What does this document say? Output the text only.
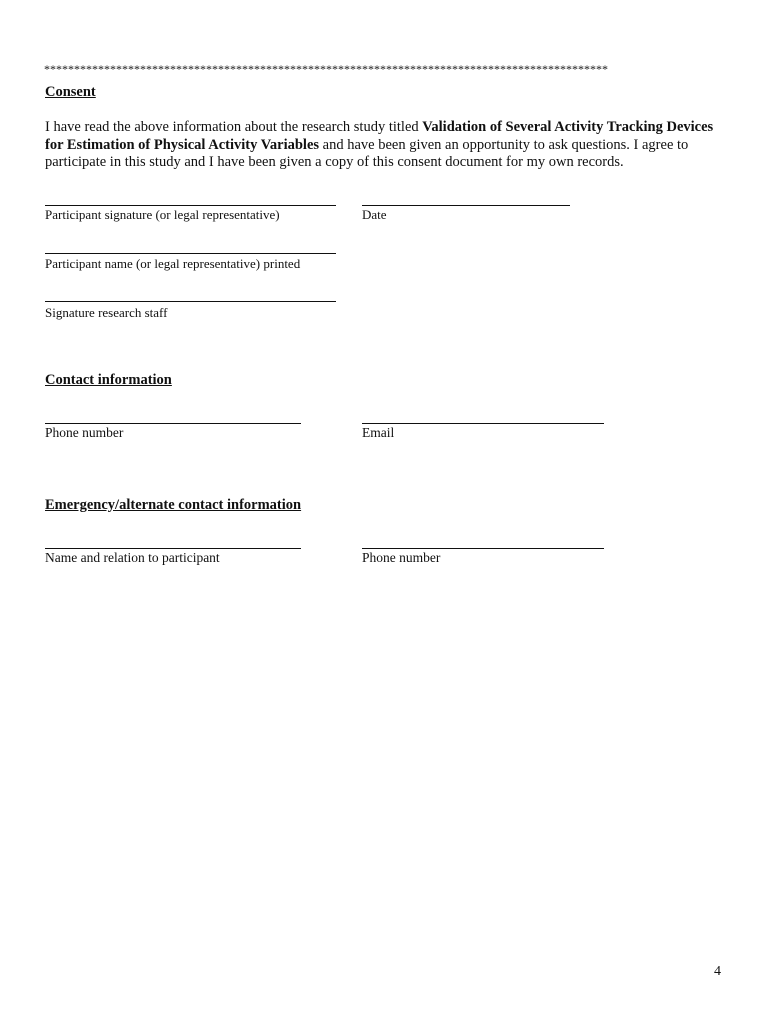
**********************************************************************************************
Consent
I have read the above information about the research study titled Validation of Several Activity Tracking Devices for Estimation of Physical Activity Variables and have been given an opportunity to ask questions. I agree to participate in this study and I have been given a copy of this consent document for my own records.
Participant signature (or legal representative)	Date
Participant name (or legal representative) printed
Signature research staff
Contact information
Phone number	Email
Emergency/alternate contact information
Name and relation to participant	Phone number
4
